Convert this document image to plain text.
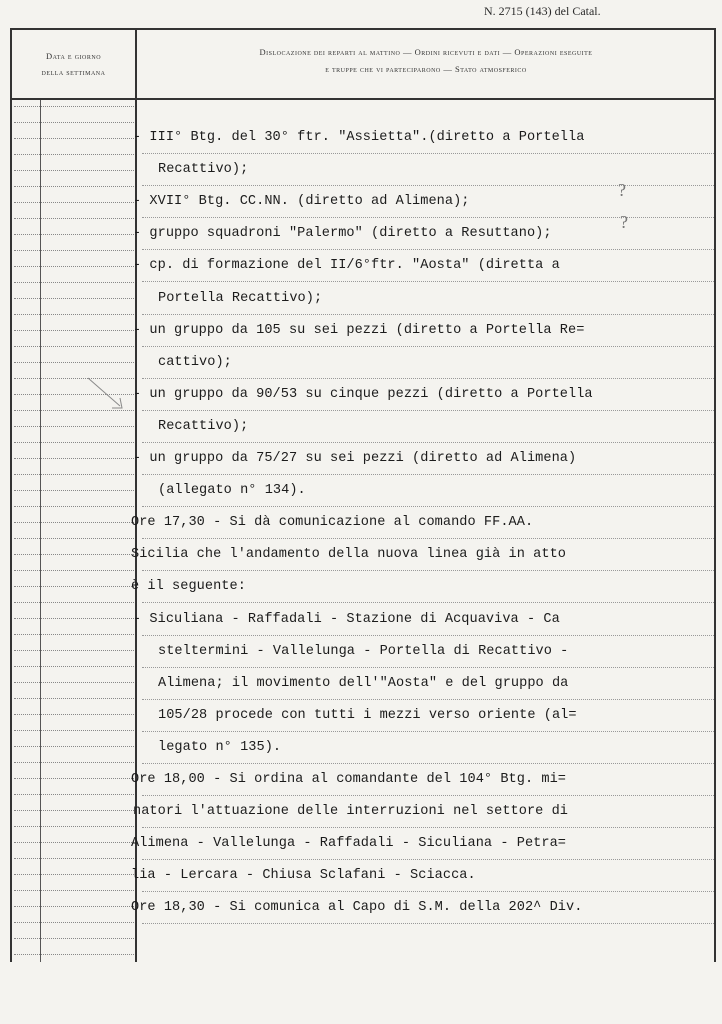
N. 2715 (143) del Catal.
Data e giorno
della settimana
Dislocazione dei reparti al mattino — Ordini ricevuti e dati — Operazioni eseguite
e truppe che vi parteciparono — Stato atmosferico
- III° Btg. del 30° ftr. "Assietta".(diretto a Portella
Recattivo);
- XVII° Btg. CC.NN. (diretto ad Alimena);
- gruppo squadroni "Palermo" (diretto a Resuttano);
- cp. di formazione del II/6°ftr. "Aosta" (diretta a
Portella Recattivo);
- un gruppo da 105 su sei pezzi (diretto a Portella Re=
cattivo);
- un gruppo da 90/53 su cinque pezzi (diretto a Portella
Recattivo);
- un gruppo da 75/27 su sei pezzi (diretto ad Alimena)
(allegato n° 134).
Ore 17,30 - Si dà comunicazione al comando FF.AA.
Sicilia che l'andamento della nuova linea già in atto
è il seguente:
- Siculiana - Raffadali - Stazione di Acquaviva - Ca
steltermini - Vallelunga - Portella di Recattivo -
Alimena; il movimento dell'"Aosta" e del gruppo da
105/28 procede con tutti i mezzi verso oriente (al=
legato n° 135).
Ore 18,00 - Si ordina al comandante del 104° Btg. mi=
natori l'attuazione delle interruzioni nel settore di
Alimena - Vallelunga - Raffadali - Siculiana - Petra=
lia - Lercara - Chiusa Sclafani - Sciacca.
Ore 18,30 - Si comunica al Capo di S.M. della 202^ Div.
?
?
